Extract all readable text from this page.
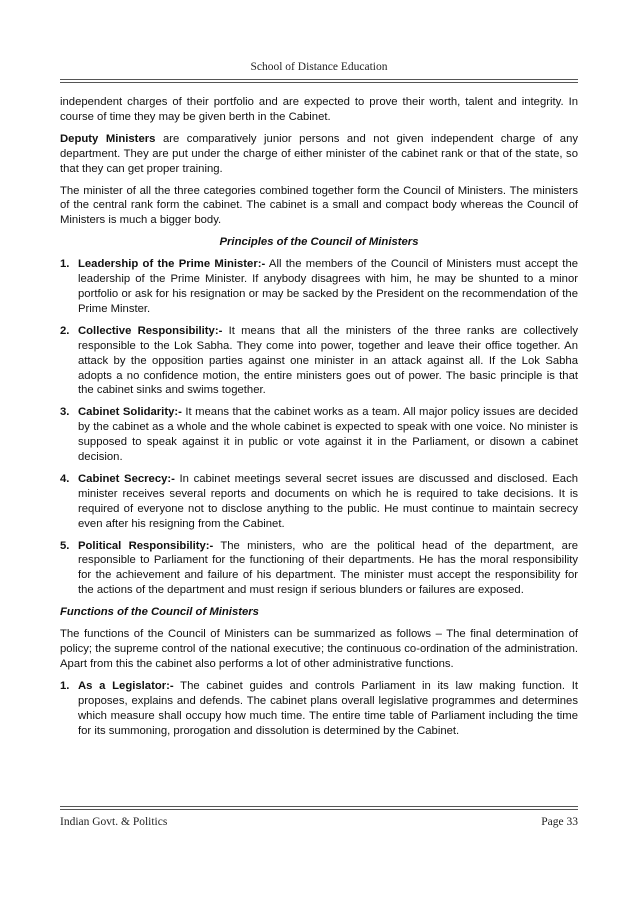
School of Distance Education
independent charges of their portfolio and are expected to prove their worth, talent and integrity. In course of time they may be given berth in the Cabinet.
Deputy Ministers are comparatively junior persons and not given independent charge of any department. They are put under the charge of either minister of the cabinet rank or that of the state, so that they can get proper training.
The minister of all the three categories combined together form the Council of Ministers. The ministers of the central rank form the cabinet. The cabinet is a small and compact body whereas the Council of Ministers is much a bigger body.
Principles of the Council of Ministers
1. Leadership of the Prime Minister:- All the members of the Council of Ministers must accept the leadership of the Prime Minister. If anybody disagrees with him, he may be shunted to a minor portfolio or ask for his resignation or may be sacked by the President on the recommendation of the Prime Minster.
2. Collective Responsibility:- It means that all the ministers of the three ranks are collectively responsible to the Lok Sabha. They come into power, together and leave their office together. An attack by the opposition parties against one minister in an attack against all. If the Lok Sabha adopts a no confidence motion, the entire ministers goes out of power. The basic principle is that the cabinet sinks and swims together.
3. Cabinet Solidarity:- It means that the cabinet works as a team. All major policy issues are decided by the cabinet as a whole and the whole cabinet is expected to speak with one voice. No minister is supposed to speak against it in public or vote against it in the Parliament, or disown a cabinet decision.
4. Cabinet Secrecy:- In cabinet meetings several secret issues are discussed and disclosed. Each minister receives several reports and documents on which he is required to take decisions. It is required of everyone not to disclose anything to the public. He must continue to maintain secrecy even after his resigning from the Cabinet.
5. Political Responsibility:- The ministers, who are the political head of the department, are responsible to Parliament for the functioning of their departments. He has the moral responsibility for the achievement and failure of his department. The minister must accept the responsibility for the actions of the department and must resign if serious blunders or failures are exposed.
Functions of the Council of Ministers
The functions of the Council of Ministers can be summarized as follows – The final determination of policy; the supreme control of the national executive; the continuous co-ordination of the administration. Apart from this the cabinet also performs a lot of other administrative functions.
1. As a Legislator:- The cabinet guides and controls Parliament in its law making function. It proposes, explains and defends. The cabinet plans overall legislative programmes and determines which measure shall occupy how much time. The entire time table of Parliament including the time for its summoning, prorogation and dissolution is determined by the Cabinet.
Indian Govt. & Politics	Page 33
